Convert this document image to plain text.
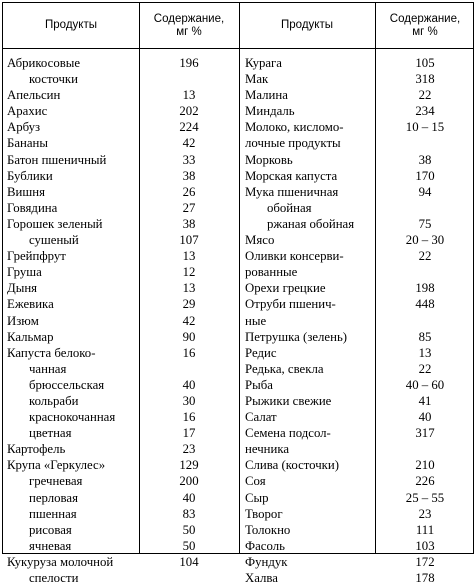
Продукты
Содержание,
мг %
Продукты
Содержание,
мг %
Абрикосовые	196
косточки
Апельсин	13
Арахис	202
Арбуз	224
Бананы	42
Батон пшеничный	33
Бублики	38
Вишня	26
Говядина	27
Горошек зеленый	38
сушеный	107
Грейпфрут	13
Груша	12
Дыня	13
Ежевика	29
Изюм	42
Кальмар	90
Капуста белоко-	16
чанная
брюссельская	40
кольраби	30
краснокочанная	16
цветная	17
Картофель	23
Крупа «Геркулес»	129
гречневая	200
перловая	40
пшенная	83
рисовая	50
ячневая	50
Кукуруза молочной	104
спелости
Курага	105
Мак	318
Малина	22
Миндаль	234
Молоко, кисломо-	10 – 15
лочные продукты
Морковь	38
Морская капуста	170
Мука пшеничная	94
обойная
ржаная обойная	75
Мясо	20 – 30
Оливки консерви-	22
рованные
Орехи грецкие	198
Отруби пшенич-	448
ные
Петрушка (зелень)	85
Редис	13
Редька, свекла	22
Рыба	40 – 60
Рыжики свежие	41
Салат	40
Семена подсол-	317
нечника
Слива (косточки)	210
Соя	226
Сыр	25 – 55
Творог	23
Толокно	111
Фасоль	103
Фундук	172
Халва	178
